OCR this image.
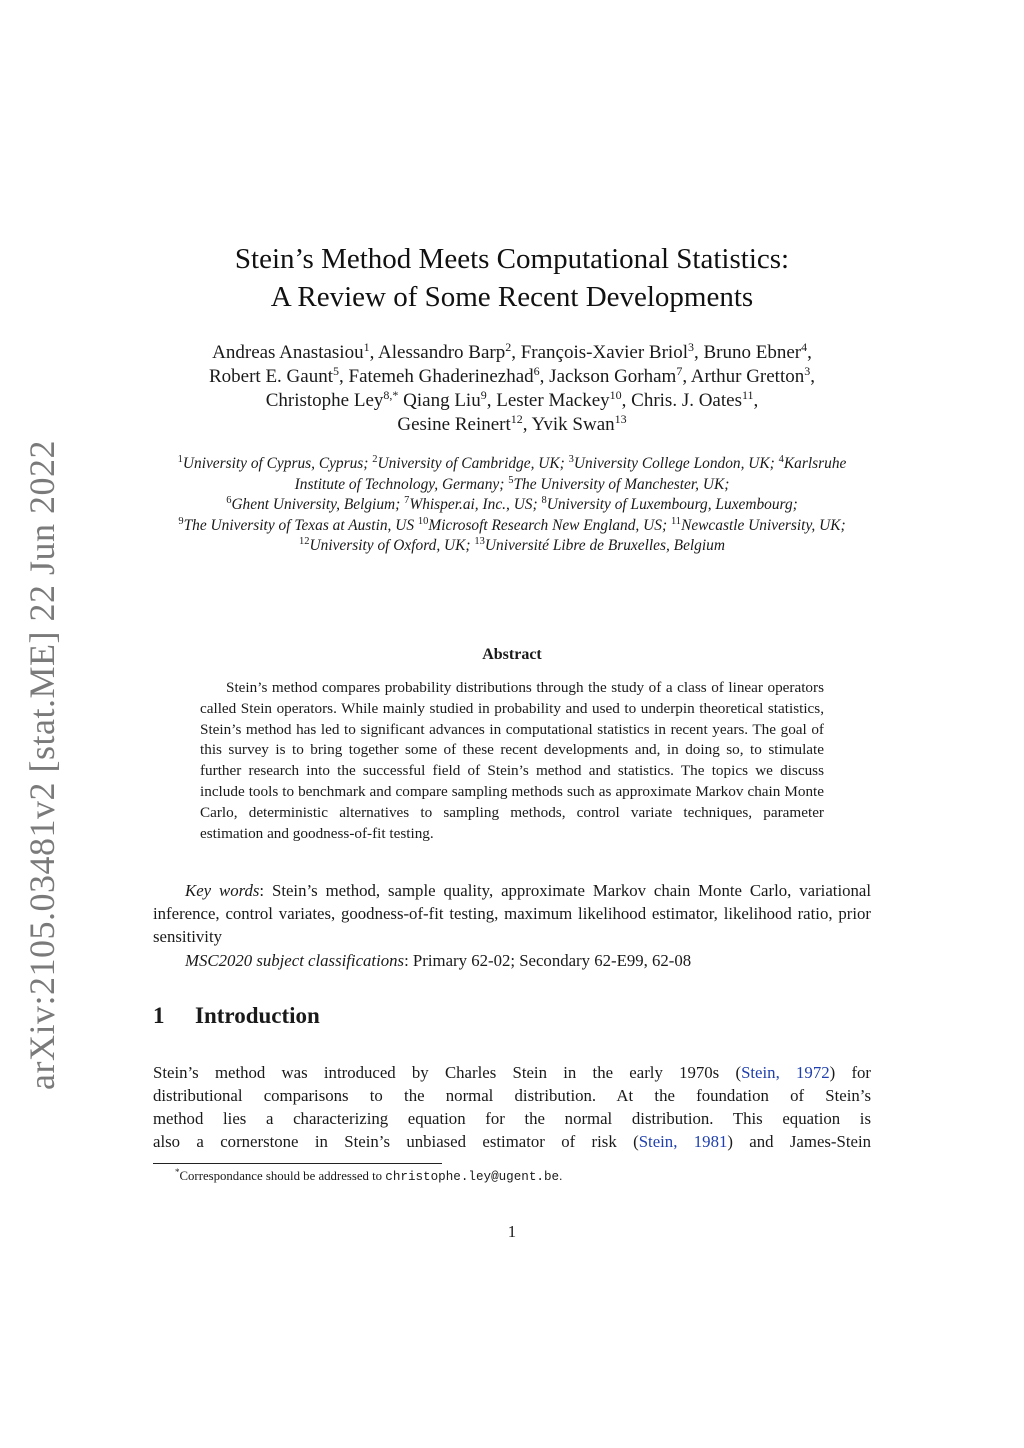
arXiv:2105.03481v2 [stat.ME] 22 Jun 2022
Stein’s Method Meets Computational Statistics:
A Review of Some Recent Developments
Andreas Anastasiou$^1$, Alessandro Barp$^2$, François-Xavier Briol$^3$, Bruno Ebner$^4$,
Robert E. Gaunt$^5$, Fatemeh Ghaderinezhad$^6$, Jackson Gorham$^7$, Arthur Gretton$^3$,
Christophe Ley$^{8,*}$ Qiang Liu$^9$, Lester Mackey$^{10}$, Chris. J. Oates$^{11}$,
Gesine Reinert$^{12}$, Yvik Swan$^{13}$
$^1$University of Cyprus, Cyprus; $^2$University of Cambridge, UK; $^3$University College London, UK; $^4$Karlsruhe Institute of Technology, Germany; $^5$The University of Manchester, UK;
$^6$Ghent University, Belgium; $^7$Whisper.ai, Inc., US; $^8$University of Luxembourg, Luxembourg;
$^9$The University of Texas at Austin, US $^{10}$Microsoft Research New England, US; $^{11}$Newcastle University, UK; $^{12}$University of Oxford, UK; $^{13}$Université Libre de Bruxelles, Belgium
Abstract
Stein’s method compares probability distributions through the study of a class of linear operators called Stein operators. While mainly studied in probability and used to underpin theoretical statistics, Stein’s method has led to significant advances in computational statistics in recent years. The goal of this survey is to bring together some of these recent developments and, in doing so, to stimulate further research into the successful field of Stein’s method and statistics. The topics we discuss include tools to benchmark and compare sampling methods such as approximate Markov chain Monte Carlo, deterministic alternatives to sampling methods, control variate techniques, parameter estimation and goodness-of-fit testing.
Key words: Stein’s method, sample quality, approximate Markov chain Monte Carlo, variational inference, control variates, goodness-of-fit testing, maximum likelihood estimator, likelihood ratio, prior sensitivity
MSC2020 subject classifications: Primary 62-02; Secondary 62-E99, 62-08
1 Introduction
Stein’s method was introduced by Charles Stein in the early 1970s (Stein, 1972) for
distributional comparisons to the normal distribution. At the foundation of Stein’s
method lies a characterizing equation for the normal distribution. This equation is
also a cornerstone in Stein’s unbiased estimator of risk (Stein, 1981) and James-Stein
*Correspondance should be addressed to christophe.ley@ugent.be.
1
